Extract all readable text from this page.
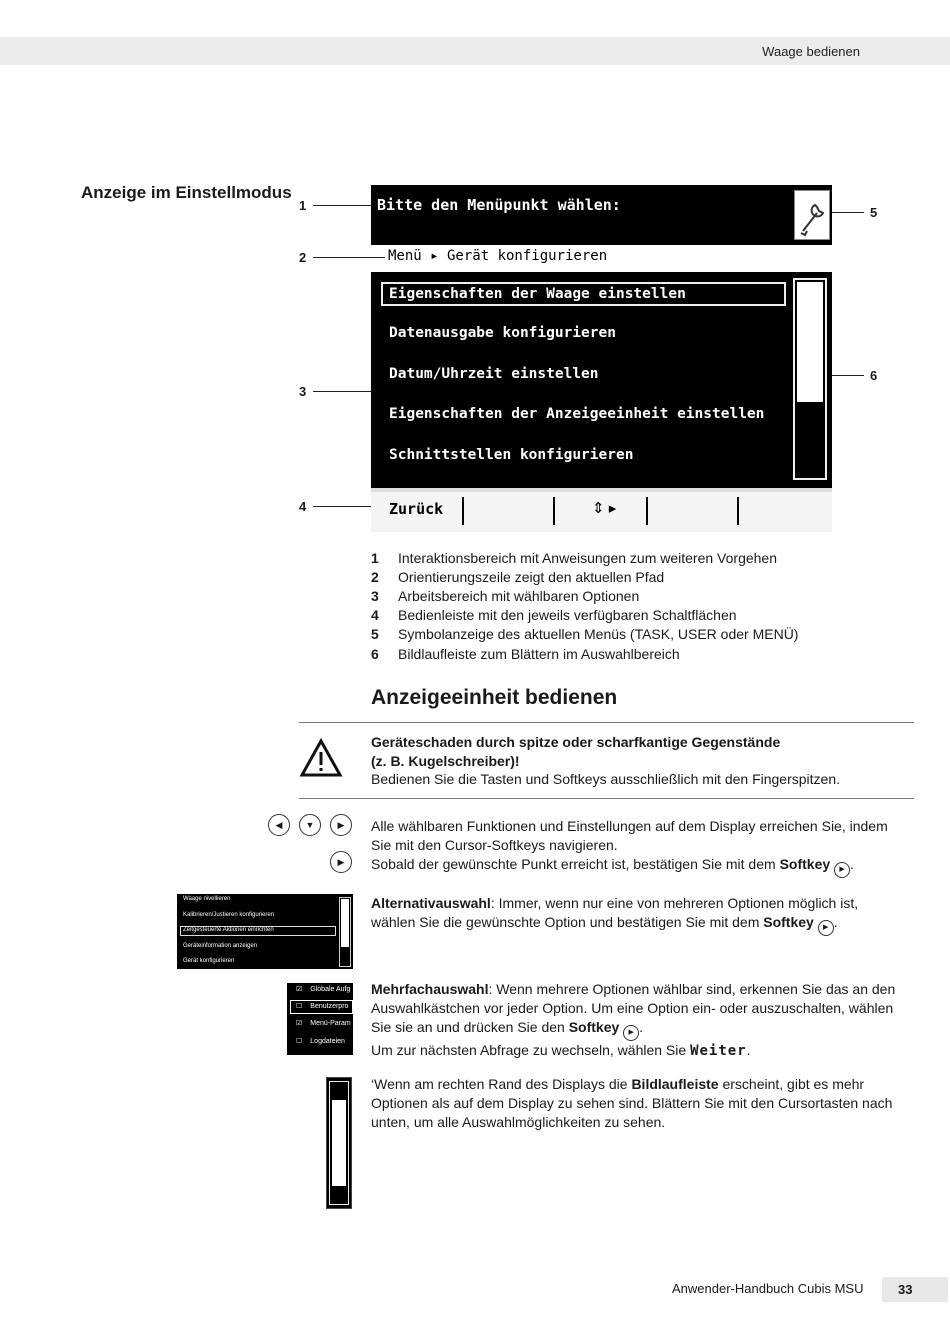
Waage bedienen
Anzeige im Einstellmodus
1
2
3
4
5
6
Bitte den Menüpunkt wählen:
Menü ▸ Gerät konfigurieren
Eigenschaften der Waage einstellen
Datenausgabe konfigurieren
Datum/Uhrzeit einstellen
Eigenschaften der Anzeigeeinheit einstellen
Schnittstellen konfigurieren
Zurück	⇕ ▸
1 Interaktionsbereich mit Anweisungen zum weiteren Vorgehen
2 Orientierungszeile zeigt den aktuellen Pfad
3 Arbeitsbereich mit wählbaren Optionen
4 Bedienleiste mit den jeweils verfügbaren Schaltflächen
5 Symbolanzeige des aktuellen Menüs (TASK, USER oder MENÜ)
6 Bildlaufleiste zum Blättern im Auswahlbereich
Anzeigeeinheit bedienen
Geräteschaden durch spitze oder scharfkantige Gegenstände
(z. B. Kugelschreiber)!
Bedienen Sie die Tasten und Softkeys ausschließlich mit den Fingerspitzen.
◀	▼	▶
▶
Alle wählbaren Funktionen und Einstellungen auf dem Display erreichen Sie, indem
Sie mit den Cursor-Softkeys navigieren.
Sobald der gewünschte Punkt erreicht ist, bestätigen Sie mit dem Softkey ▶ .
Waage nivellieren
Kalibrieren/Justieren konfigurieren
Zeitgesteuerte Aktionen einrichten
Geräteinformation anzeigen
Gerät konfigurieren
Alternativauswahl: Immer, wenn nur eine von mehreren Optionen möglich ist,
wählen Sie die gewünschte Option und bestätigen Sie mit dem Softkey ▶ .
☑ Globale Aufg
☐ Benutzerpro
☑ Menü-Param
☐ Logdateien
Mehrfachauswahl: Wenn mehrere Optionen wählbar sind, erkennen Sie das an den
Auswahlkästchen vor jeder Option. Um eine Option ein- oder auszuschalten, wählen
Sie sie an und drücken Sie den Softkey ▶ .
Um zur nächsten Abfrage zu wechseln, wählen Sie Weiter.
‘Wenn am rechten Rand des Displays die Bildlaufleiste erscheint, gibt es mehr
Optionen als auf dem Display zu sehen sind. Blättern Sie mit den Cursortasten nach
unten, um alle Auswahlmöglichkeiten zu sehen.
Anwender-Handbuch Cubis MSU	33
